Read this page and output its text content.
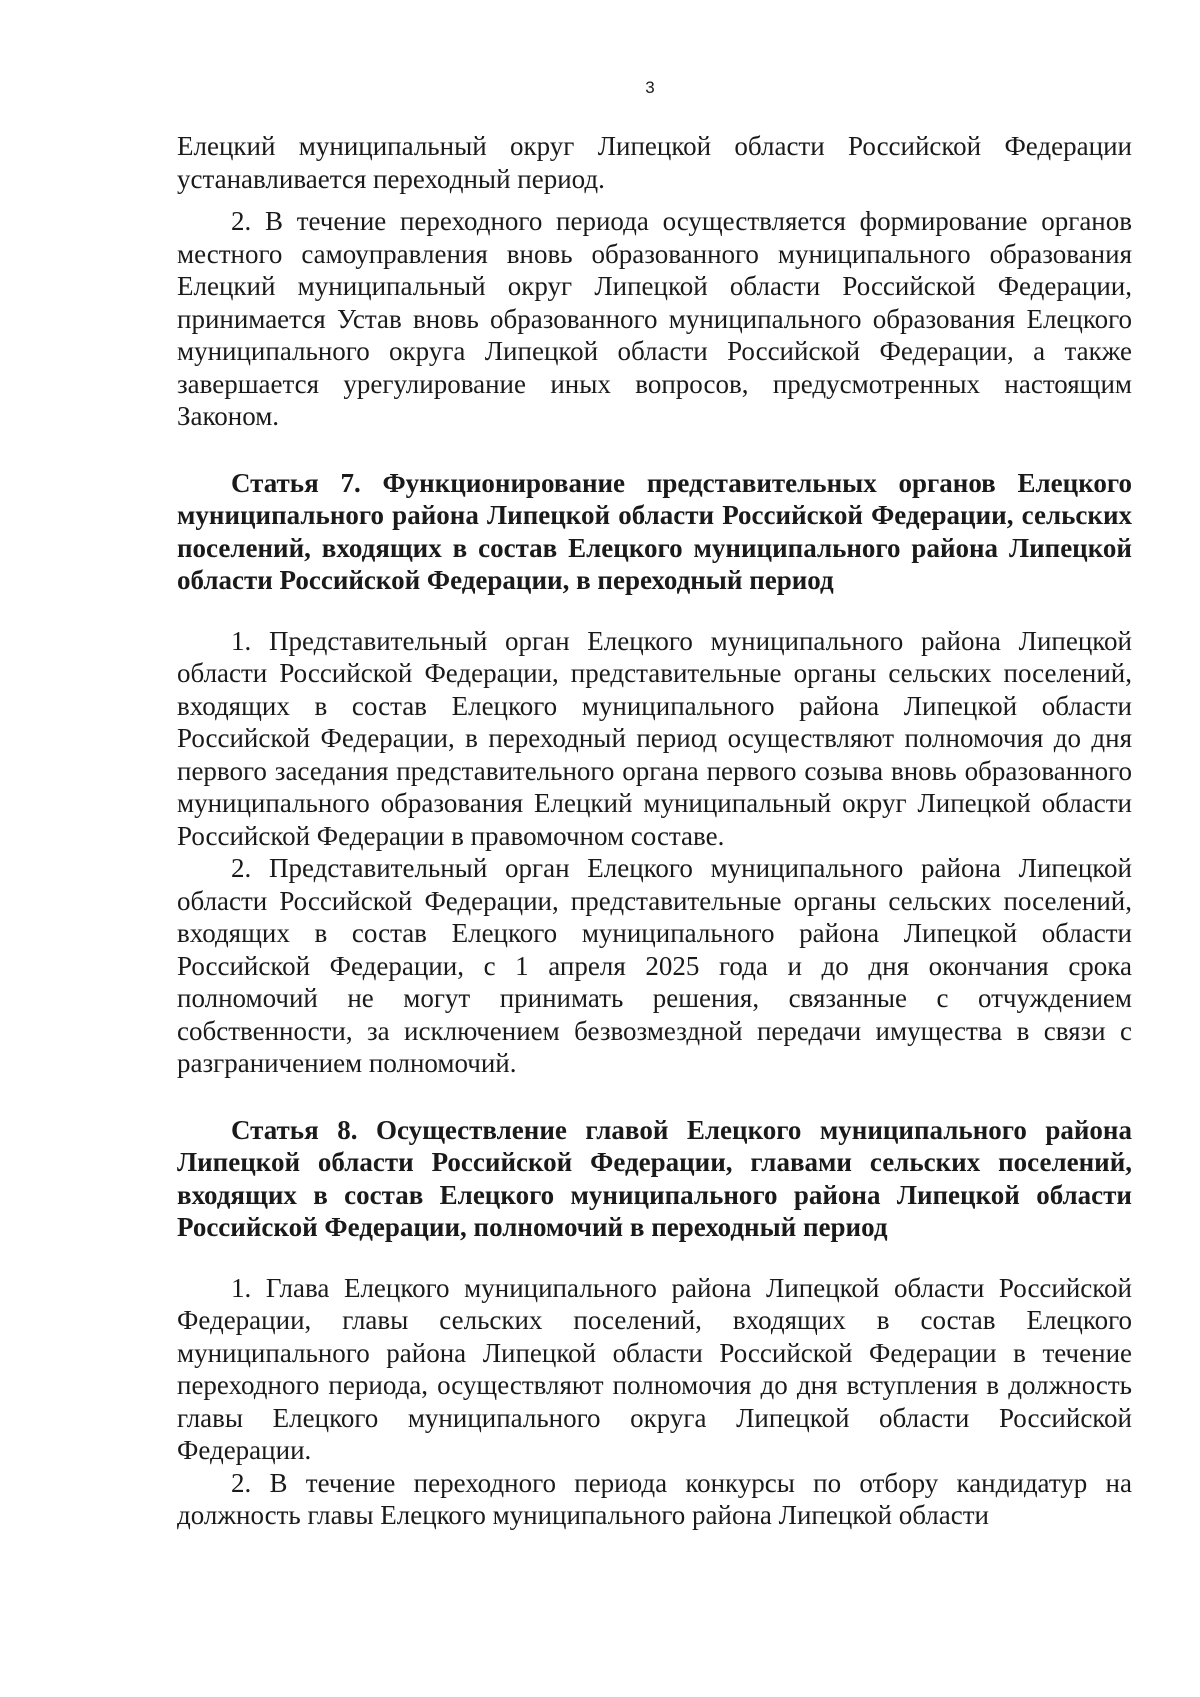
3

Елецкий муниципальный округ Липецкой области Российской Федерации устанавливается переходный период.

2. В течение переходного периода осуществляется формирование органов местного самоуправления вновь образованного муниципального образования Елецкий муниципальный округ Липецкой области Российской Федерации, принимается Устав вновь образованного муниципального образования Елецкого муниципального округа Липецкой области Российской Федерации, а также завершается урегулирование иных вопросов, предусмотренных настоящим Законом.

Статья 7. Функционирование представительных органов Елецкого муниципального района Липецкой области Российской Федерации, сельских поселений, входящих в состав Елецкого муниципального района Липецкой области Российской Федерации, в переходный период

1. Представительный орган Елецкого муниципального района Липецкой области Российской Федерации, представительные органы сельских поселений, входящих в состав Елецкого муниципального района Липецкой области Российской Федерации, в переходный период осуществляют полномочия до дня первого заседания представительного органа первого созыва вновь образованного муниципального образования Елецкий муниципальный округ Липецкой области Российской Федерации в правомочном составе.

2. Представительный орган Елецкого муниципального района Липецкой области Российской Федерации, представительные органы сельских поселений, входящих в состав Елецкого муниципального района Липецкой области Российской Федерации, с 1 апреля 2025 года и до дня окончания срока полномочий не могут принимать решения, связанные с отчуждением собственности, за исключением безвозмездной передачи имущества в связи с разграничением полномочий.

Статья 8. Осуществление главой Елецкого муниципального района Липецкой области Российской Федерации, главами сельских поселений, входящих в состав Елецкого муниципального района Липецкой области Российской Федерации, полномочий в переходный период

1. Глава Елецкого муниципального района Липецкой области Российской Федерации, главы сельских поселений, входящих в состав Елецкого муниципального района Липецкой области Российской Федерации в течение переходного периода, осуществляют полномочия до дня вступления в должность главы Елецкого муниципального округа Липецкой области Российской Федерации.

2. В течение переходного периода конкурсы по отбору кандидатур на должность главы Елецкого муниципального района Липецкой области
